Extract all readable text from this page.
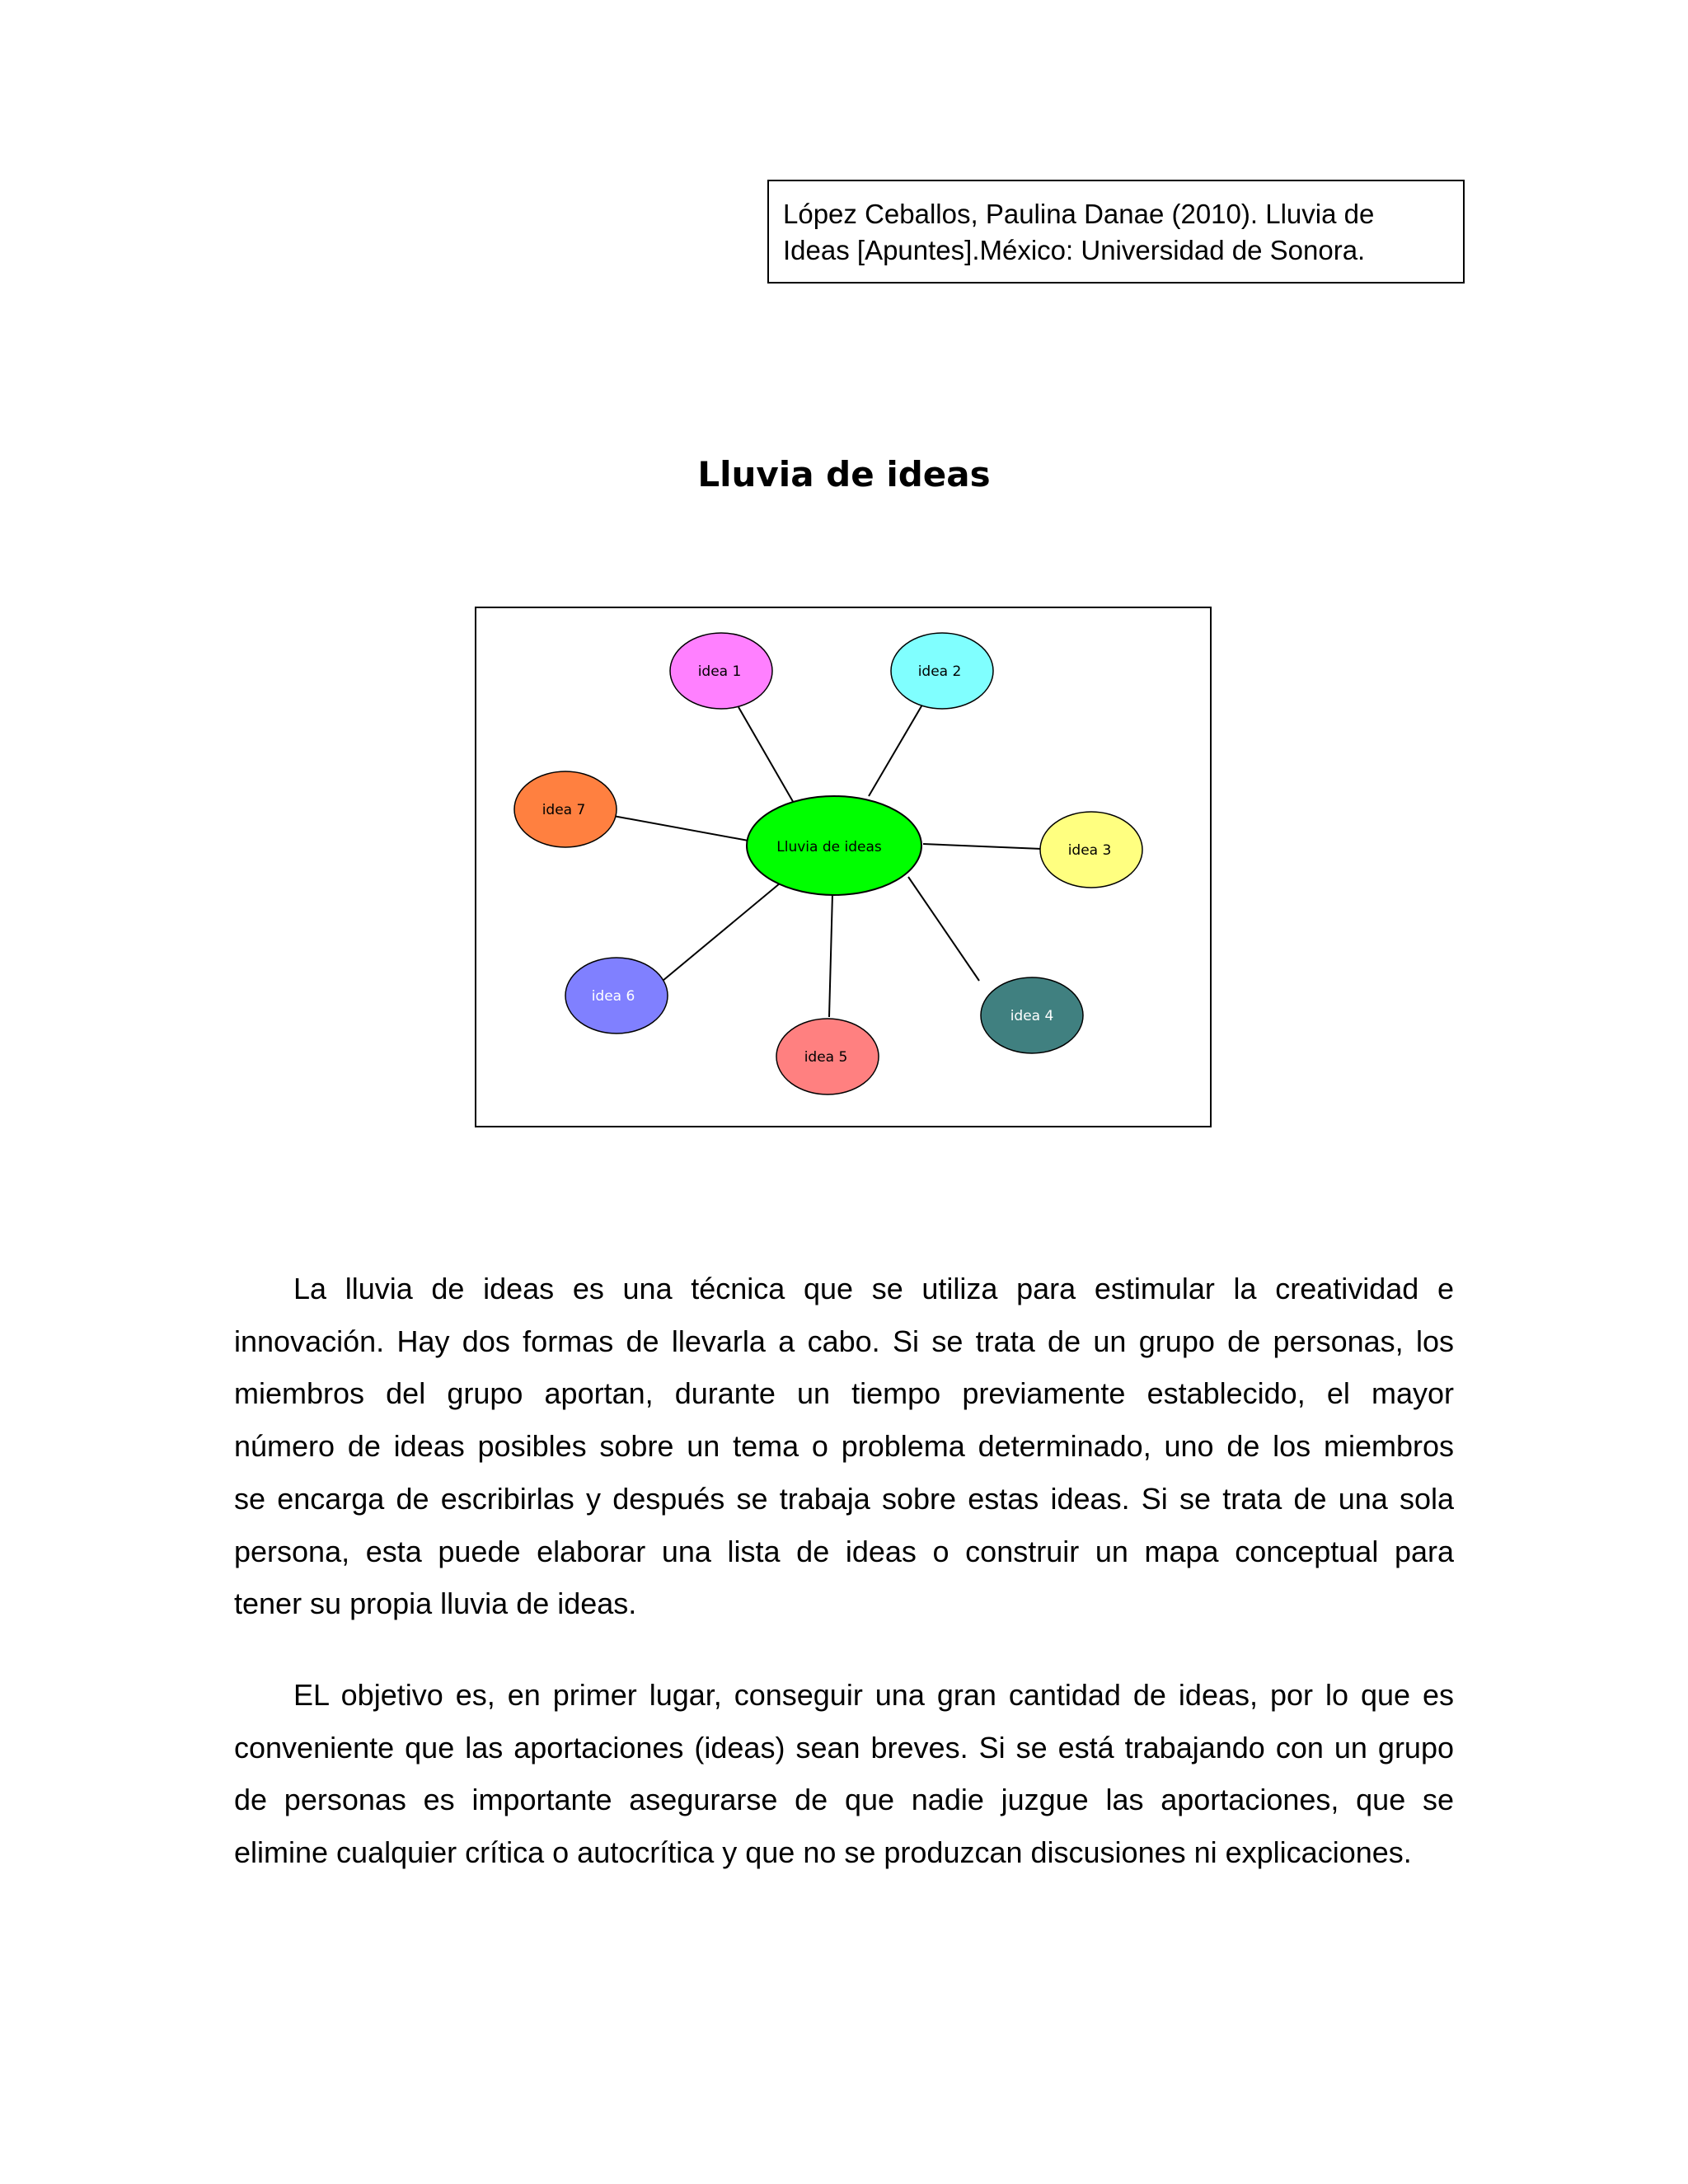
López Ceballos, Paulina Danae (2010). Lluvia de
Ideas [Apuntes].México: Universidad de Sonora.
Lluvia de ideas
Lluvia de ideas
idea 1	idea 2
idea 3
idea 4
idea 5
idea 6
idea 7
La lluvia de ideas es una técnica que se utiliza para estimular la creatividad e
innovación. Hay dos formas de llevarla a cabo. Si se trata de un grupo de personas, los
miembros del grupo aportan, durante un tiempo previamente establecido, el mayor
número de ideas posibles sobre un tema o problema determinado, uno de los miembros
se encarga de escribirlas y después se trabaja sobre estas ideas. Si se trata de una sola
persona, esta puede elaborar una lista de ideas o construir un mapa conceptual para
tener su propia lluvia de ideas.
EL objetivo es, en primer lugar, conseguir una gran cantidad de ideas, por lo que es
conveniente que las aportaciones (ideas) sean breves. Si se está trabajando con un grupo
de personas es importante asegurarse de que nadie juzgue las aportaciones, que se
elimine cualquier crítica o autocrítica y que no se produzcan discusiones ni explicaciones.
